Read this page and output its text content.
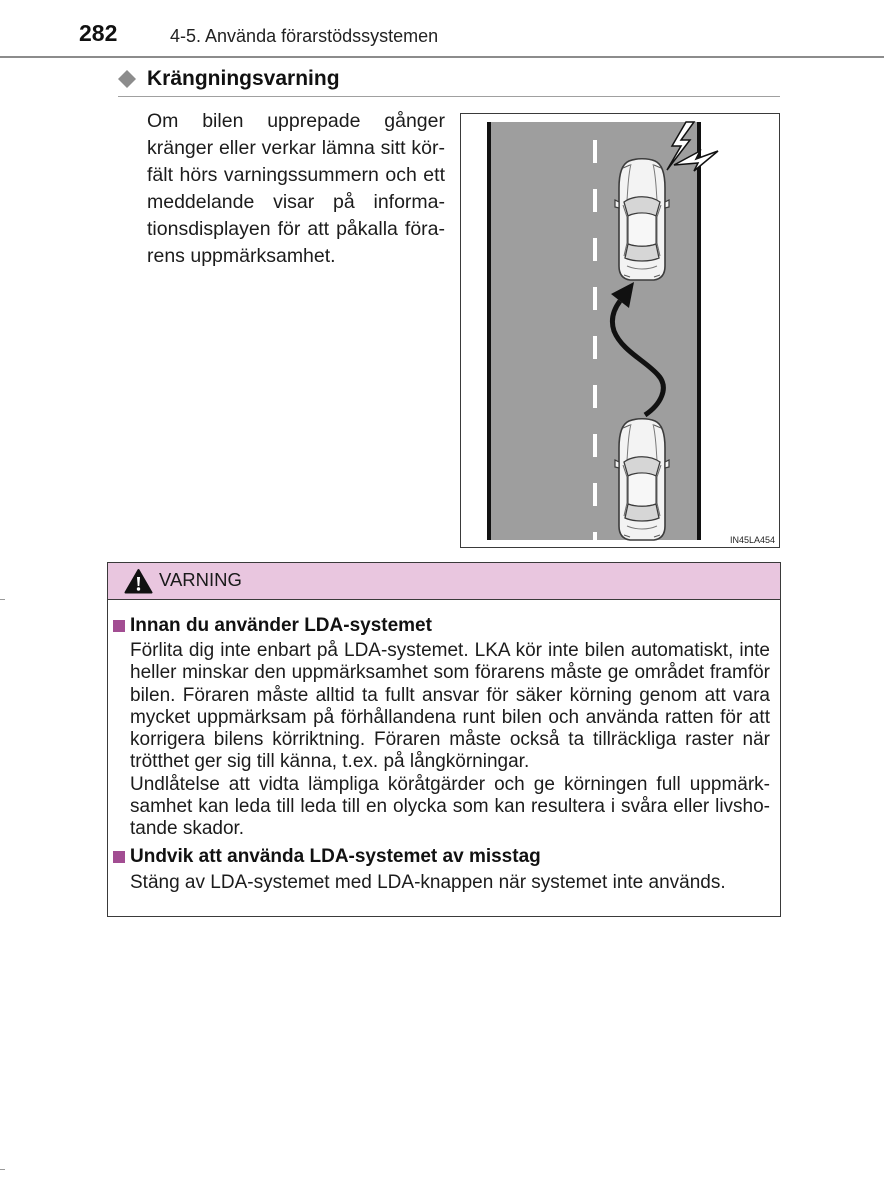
282	4-5. Använda förarstödssystemen
Krängningsvarning
Om bilen upprepade gånger
kränger eller verkar lämna sitt kör-
fält hörs varningssummern och ett
meddelande visar på informa-
tionsdisplayen för att påkalla föra-
rens uppmärksamhet.
IN45LA454
VARNING
Innan du använder LDA-systemet
Förlita dig inte enbart på LDA-systemet. LKA kör inte bilen automatiskt, inte
heller minskar den uppmärksamhet som förarens måste ge området framför
bilen. Föraren måste alltid ta fullt ansvar för säker körning genom att vara
mycket uppmärksam på förhållandena runt bilen och använda ratten för att
korrigera bilens körriktning. Föraren måste också ta tillräckliga raster när
trötthet ger sig till känna, t.ex. på långkörningar.
Undlåtelse att vidta lämpliga köråtgärder och ge körningen full uppmärk-
samhet kan leda till leda till en olycka som kan resultera i svåra eller livsho-
tande skador.
Undvik att använda LDA-systemet av misstag
Stäng av LDA-systemet med LDA-knappen när systemet inte används.
